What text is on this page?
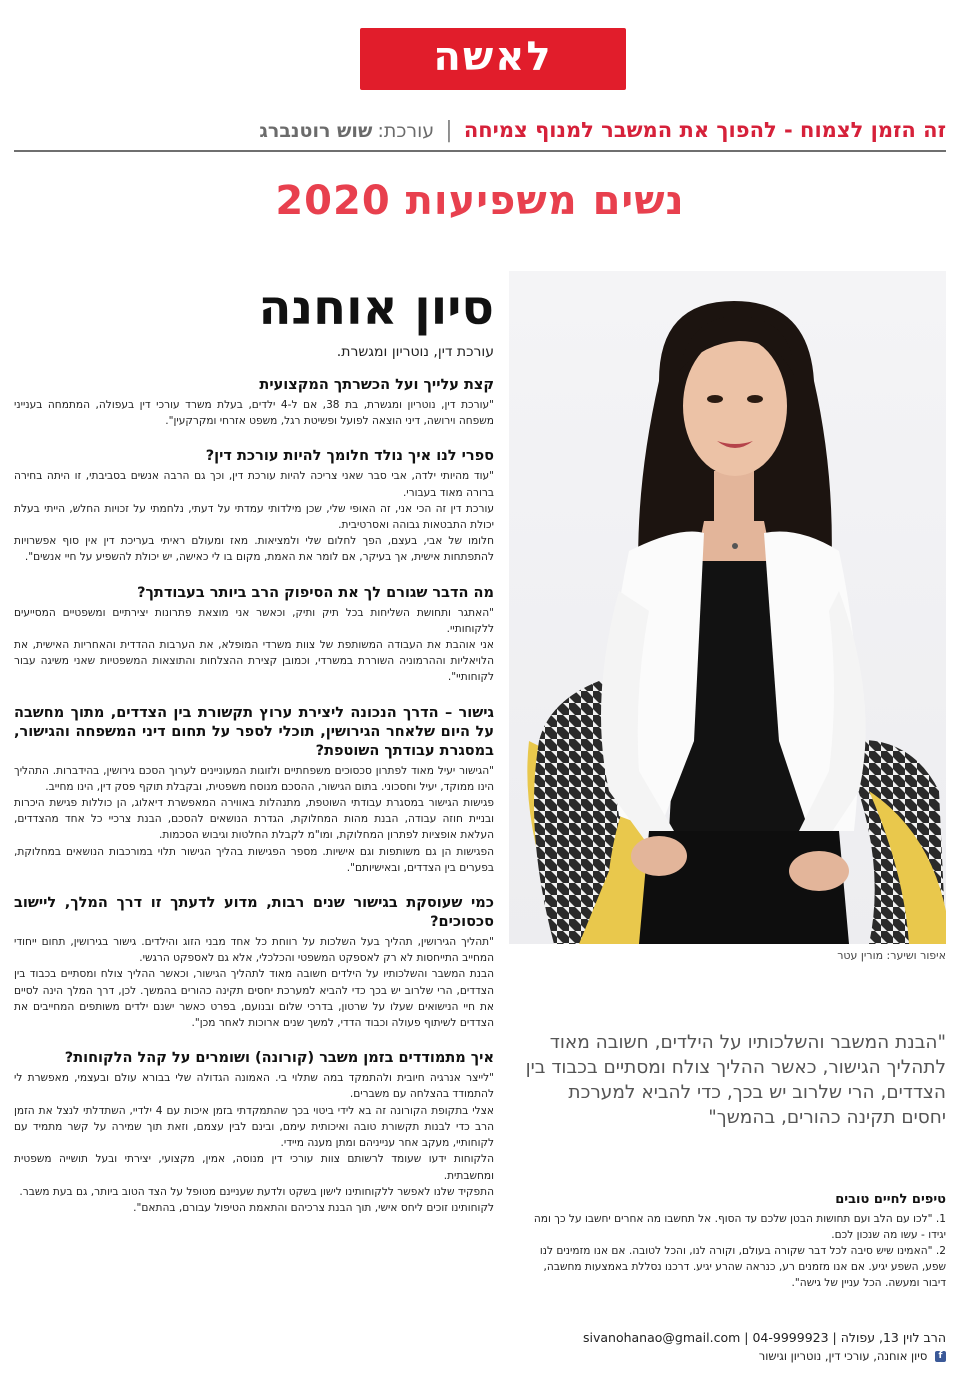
לאשה
זה הזמן לצמוח - להפוך את המשבר למנוף צמיחה | עורכת: שוש רוטנברג
נשים משפיעות 2020
איפור ושיער: מורין עטר
סיון אוחנה
עורכת דין, נוטריון ומגשרת.
קצת עלייך ועל הכשרתך המקצועית

"עורכת דין, נוטריון ומגשרת, בת 38, אם ל-4 ילדים, בעלת משרד עורכי דין בעפולה, המתמחה בענייני משפחה וירושה, דיני הוצאה לפועל ופשיטת רגל, משפט אזרחי ומקרקעין".

ספרי לנו איך נולד חלומך להיות עורכת דין?

"עוד מהיותי ילדה, אבי סבר שאני צריכה להיות עורכת דין, וכך גם הרבה אנשים בסביבתי, זו היתה בחירה ברורה מאוד בעבורי.

עורכת דין זה הכי אני, זה האופי שלי, שכן מילדותי עמדתי על דעתי, נלחמתי על זכויות החלש, הייתי בעלת יכולת התבטאות גבוהה ואסרטיבית.

חלומו של אבי, בעצם, הפך לחלום שלי ולמציאות. מאז ומעולם ראיתי בעריכת דין אין סוף אפשרויות להתפתחות אישית, אך בעיקר, אם לומר את האמת, מקום בו לי כאישה, יש יכולת להשפיע על חיי אנשים".

מה הדבר שגורם לך את הסיפוק הרב ביותר בעבודתך?

"האתגר ותחושת השליחות בכל תיק ותיק, וכאשר אני מוצאת פתרונות יצירתיים ומשפטיים המסייעים ללקוחותיי.

אני אוהבת את העבודה המשותפת של צוות משרדי המופלא, את הערבות ההדדית והאחריות האישית, את הלויאליות וההרמוניה השוררת במשרדי, וכמובן קצירת ההצלחות והתוצאות המשפטיות שאני משיגה עבור לקוחותיי".

גישור – הדרך הנכונה ליצירת ערוץ תקשורת בין הצדדים, מתוך מחשבה על היום שלאחר הגירושין, תוכלי לספר על תחום דיני המשפחה והגישור, במסגרת עבודתך השוטפת?

"הגישור יעיל מאוד לפתרון סכסוכים משפחתיים ולזוגות המעוניינים לערוך הסכם גירושין, בהידברות. התהליך הינו ממוקד, יעיל וחסכוני. בתום הגישור, ההסכם מנוסח משפטית, ובקבלת תוקף פסק דין, הינו מחייב.

פגישות הגישור במסגרת עבודתי השוטפת, מתנהלות באווירה המאפשרת דיאלוג, הן כוללות פגישת היכרות ובניית חוזה עבודה, הבנת מהות המחלוקת, הגדרת הנושאים להסכם, הבנת צרכיי כל אחד מהצדדים, העלאת אופציות לפתרון המחלוקת, ומו"מ לקבלת החלטות וגיבוש הסכמות.

הפגישות הן גם משותפות וגם אישיות. מספר הפגישות בהליך הגישור תלוי במורכבות הנושאים במחלוקת, בפערים בין הצדדים, ובאישיותם".

כמי שעוסקת בגישור שנים רבות, מדוע לדעתך זו דרך המלך, ליישוב סכסוכים?

"תהליך הגירושין, תהליך בעל השלכות על רווחת כל אחד מבני הזוג והילדים. גישור בגירושין, תחום ייחודי המחייב התייחסות לא רק לאספקט המשפטי והכלכלי, אלא גם לאספקט הרגשי.

הבנת המשבר והשלכותיו על הילדים חשובה מאוד לתהליך הגישור, וכאשר ההליך צולח ומסתיים בכבוד בין הצדדים, הרי שלרוב יש בכך כדי להביא למערכת יחסים תקינה כהורים בהמשך. לכן, דרך המלך הינה לסיים את חיי הנישואים שעלו על שרטון, בדרכי שלום ובנועם, בפרט כאשר ישנם ילדים משותפים המחייבים את הצדדים לשיתוף פעולה וכבוד הדדי, למשך שנים ארוכות לאחר מכן".

איך מתמודדים בזמן משבר (קורונה) ושומרים על קהל הלקוחות?

"לייצר אנרגיה חיובית ולהתמקד במה שתלוי בי. האמונה הגדולה שלי בבורא עולם ובעצמי, מאפשרת לי להתמודד בהצלחה עם משברים.

אצלי בתקופת הקורונה זה בא לידי ביטוי בכך שהתמקדתי בזמן איכות עם 4 ילדיי, השתדלתי לנצל את הזמן הרב כדי לבנות תקשורת טובה ואיכותית עימם, ובינם לבין עצמם, וזאת תוך שמירה על קשר מתמיד עם לקוחותיי, מעקב אחר ענייניהם ומתן מענה מיידי.

הלקוחות ידעו שעומד לרשותם צוות עורכי דין מנוסה, אמין, מקצועי, יצירתי ובעל תושייה משפטית ומחשבתית.

התפקיד שלנו לאפשר ללקוחותינו לישון בשקט ולדעת שעניינם מטופל על הצד הטוב ביותר, גם בעת משבר.

לקוחותינו זוכים ליחס אישי, תוך הבנת צרכיהם והתאמת הטיפול עבורם, בהתאם".

"הבנת המשבר והשלכותיו על הילדים, חשובה מאוד לתהליך הגישור, כאשר ההליך צולח ומסתיים בכבוד בין הצדדים, הרי שלרוב יש בכך, כדי להביא למערכת יחסים תקינה כהורים, בהמשך"
טיפים לחיים טובים

1. "לכו עם הלב ועם תחושות הבטן שלכם עד הסוף. אל תחשבו מה אחרים יחשבו על כך ומה יגידו - עשו מה שנכון לכם.

2. "האמינו שיש סיבה לכל דבר שקורה בעולם, וקורה לנו, והכל לטובה. אם אנו מזמינים לנו שפע, השפע יגיע. אם אנו מזמנים רע, כנראה שהרע יגיע. דרכנו נסללת באמצעות מחשבה, דיבור ומעשה. הכל עניין של גישה".

הרב לוין 13, עפולה | 04-9999923 | sivanohanao@gmail.com
f סיון אוחנה, עורכי דין, נוטריון וגישור
